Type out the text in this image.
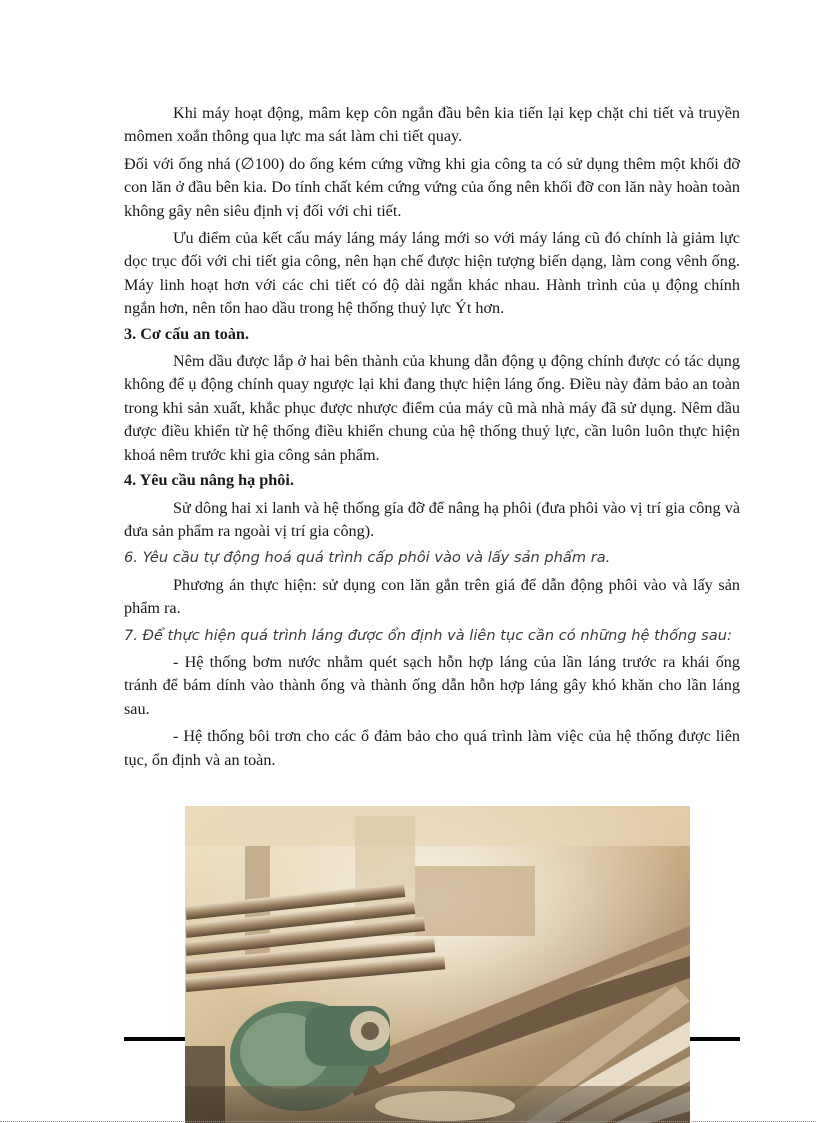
Khi máy hoạt động, mâm kẹp côn ngắn đầu bên kia tiến lại kẹp chặt chi tiết và truyền mômen xoắn thông qua lực ma sát làm chi tiết quay.

Đối với ống nhá (∅100) do ống kém cứng vững khi gia công ta có sử dụng thêm một khối đỡ con lăn ở đầu bên kia. Do tính chất kém cứng vứng của ống nên khối đỡ con lăn này hoàn toàn không gây nên siêu định vị đối với chi tiết.

Ưu điểm của kết cấu máy láng máy láng mới so với máy láng cũ đó chính là giảm lực dọc trục đối với chi tiết gia công, nên hạn chế được hiện tượng biến dạng, làm cong vênh ống. Máy linh hoạt hơn với các chi tiết có độ dài ngắn khác nhau. Hành trình của ụ động chính ngắn hơn, nên tổn hao dầu trong hệ thống thuỷ lực Ýt hơn.

3. Cơ cấu an toàn.

Nêm dầu được lắp ở hai bên thành của khung dẫn động ụ động chính được có tác dụng không để ụ động chính quay ngược lại khi đang thực hiện láng ống. Điều này đảm bảo an toàn trong khi sản xuất, khắc phục được nhược điểm của máy cũ mà nhà máy đã sử dụng. Nêm dầu được điều khiển từ hệ thống điều khiển chung của hệ thống thuỷ lực, cần luôn luôn thực hiện khoá nêm trước khi gia công sản phẩm.

4. Yêu cầu nâng hạ phôi.

Sử dông hai xi lanh và hệ thống gía đỡ để nâng hạ phôi (đưa phôi vào vị trí gia công và đưa sản phẩm ra ngoài vị trí gia công).

6. Yêu cầu tự động hoá quá trình cấp phôi vào và lấy sản phẩm ra.

Phương án thực hiện: sử dụng con lăn gắn trên giá để dẫn động phôi vào và lấy sản phẩm ra.

7. Để thực hiện quá trình láng được ổn định và liên tục cần có những hệ thống sau:

- Hệ thống bơm nước nhằm quét sạch hỗn hợp láng của lần láng trước ra khái ống tránh để bám dính vào thành ống và thành ống dẫn hỗn hợp láng gây khó khăn cho lần láng sau.

- Hệ thống bôi trơn cho các ổ đảm bảo cho quá trình làm việc của hệ thống được liên tục, ổn định và an toàn.
